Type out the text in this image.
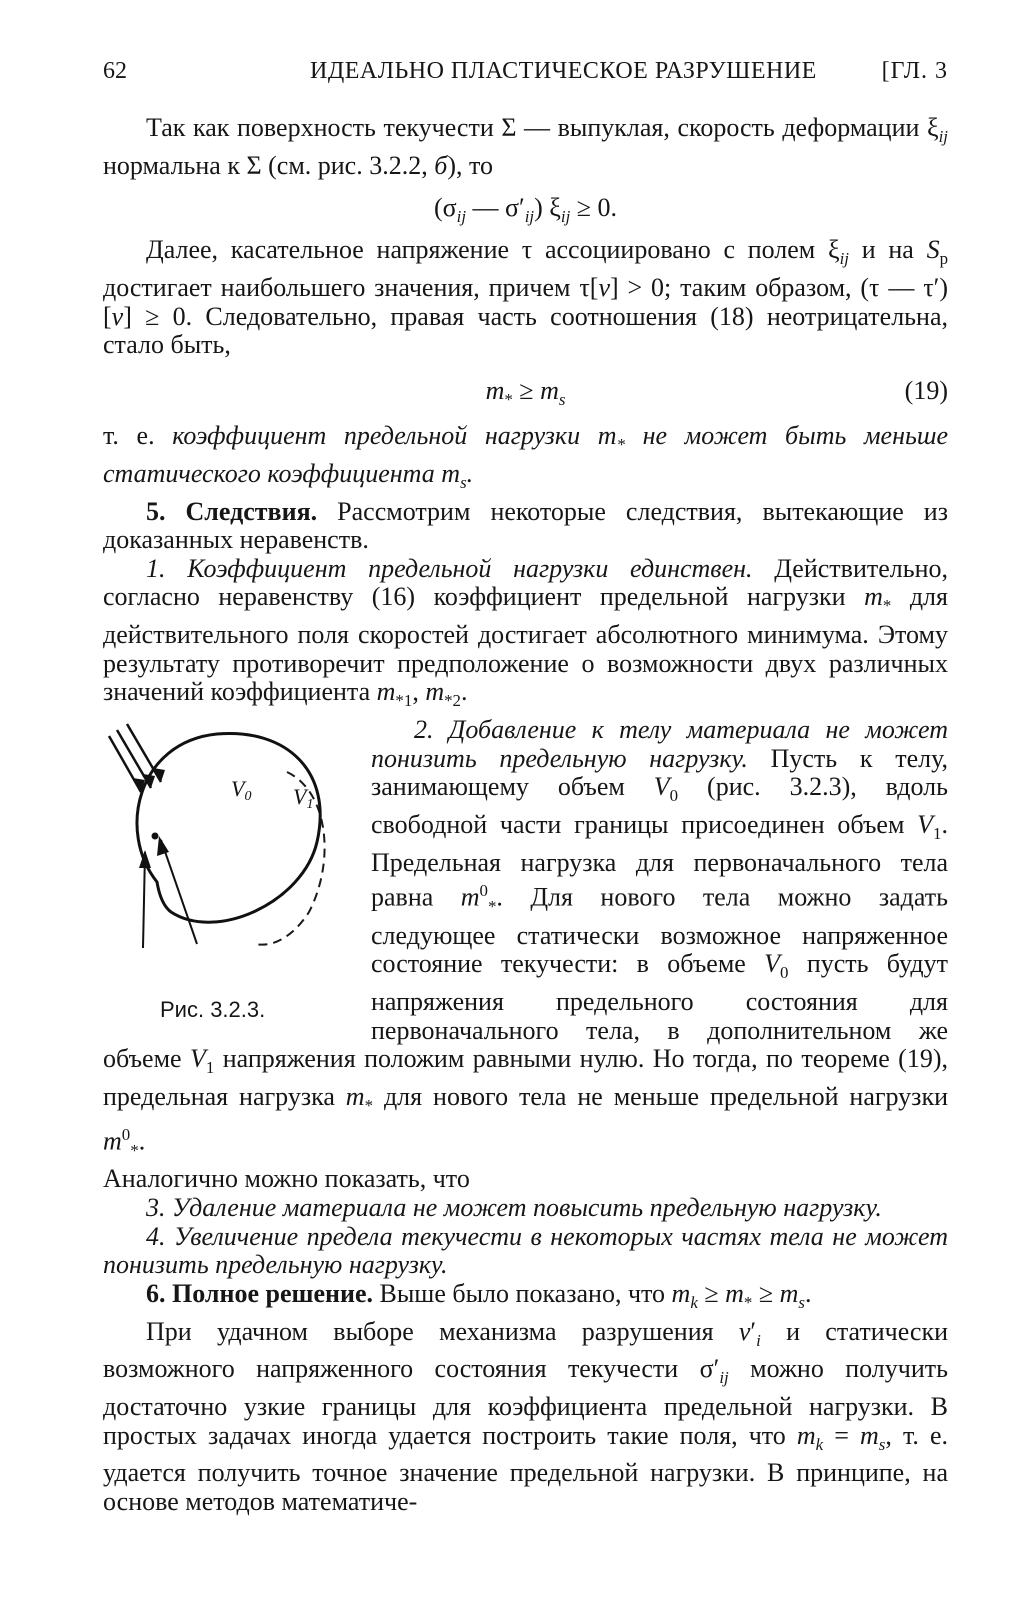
62	ИДЕАЛЬНО ПЛАСТИЧЕСКОЕ РАЗРУШЕНИЕ	[ГЛ. 3

Так как поверхность текучести Σ — выпуклая, скорость деформации $\xi_{ij}$ нормальна к Σ (см. рис. 3.2.2, б), то

($\sigma_{ij}$ — $\sigma'_{ij}$) $\xi_{ij} \ge 0$.

Далее, касательное напряжение τ ассоциировано с полем $\xi_{ij}$ и на $S_p$ достигает наибольшего значения, причем τ[v] > 0; таким образом, (τ — τ′)[v] ≥ 0. Следовательно, правая часть соотношения (18) неотрицательна, стало быть,

$m_* \ge m_s$	(19)

т. е. коэффициент предельной нагрузки $m_*$ не может быть меньше статического коэффициента $m_s$.

5. Следствия. Рассмотрим некоторые следствия, вытекающие из доказанных неравенств.

1. Коэффициент предельной нагрузки единствен. Действительно, согласно неравенству (16) коэффициент предельной нагрузки $m_*$ для действительного поля скоростей достигает абсолютного минимума. Этому результату противоречит предположение о возможности двух различных значений коэффициента $m_{*1}$, $m_{*2}$.

V0 V1
Рис. 3.2.3.

2. Добавление к телу материала не может понизить предельную нагрузку. Пусть к телу, занимающему объем $V_0$ (рис. 3.2.3), вдоль свободной части границы присоединен объем $V_1$. Предельная нагрузка для первоначального тела равна $m^0_*$. Для нового тела можно задать следующее статически возможное напряженное состояние текучести: в объеме $V_0$ пусть будут напряжения предельного состояния для первоначального тела, в дополнительном же объеме $V_1$ напряжения положим равными нулю. Но тогда, по теореме (19), предельная нагрузка $m_*$ для нового тела не меньше предельной нагрузки $m^0_*$.

Аналогично можно показать, что

3. Удаление материала не может повысить предельную нагрузку.

4. Увеличение предела текучести в некоторых частях тела не может понизить предельную нагрузку.

6. Полное решение. Выше было показано, что $m_k \ge m_* \ge m_s$.

При удачном выборе механизма разрушения $v'_i$ и статически возможного напряженного состояния текучести $\sigma'_{ij}$ можно получить достаточно узкие границы для коэффициента предельной нагрузки. В простых задачах иногда удается построить такие поля, что $m_k = m_s$, т. е. удается получить точное значение предельной нагрузки. В принципе, на основе методов математиче-
